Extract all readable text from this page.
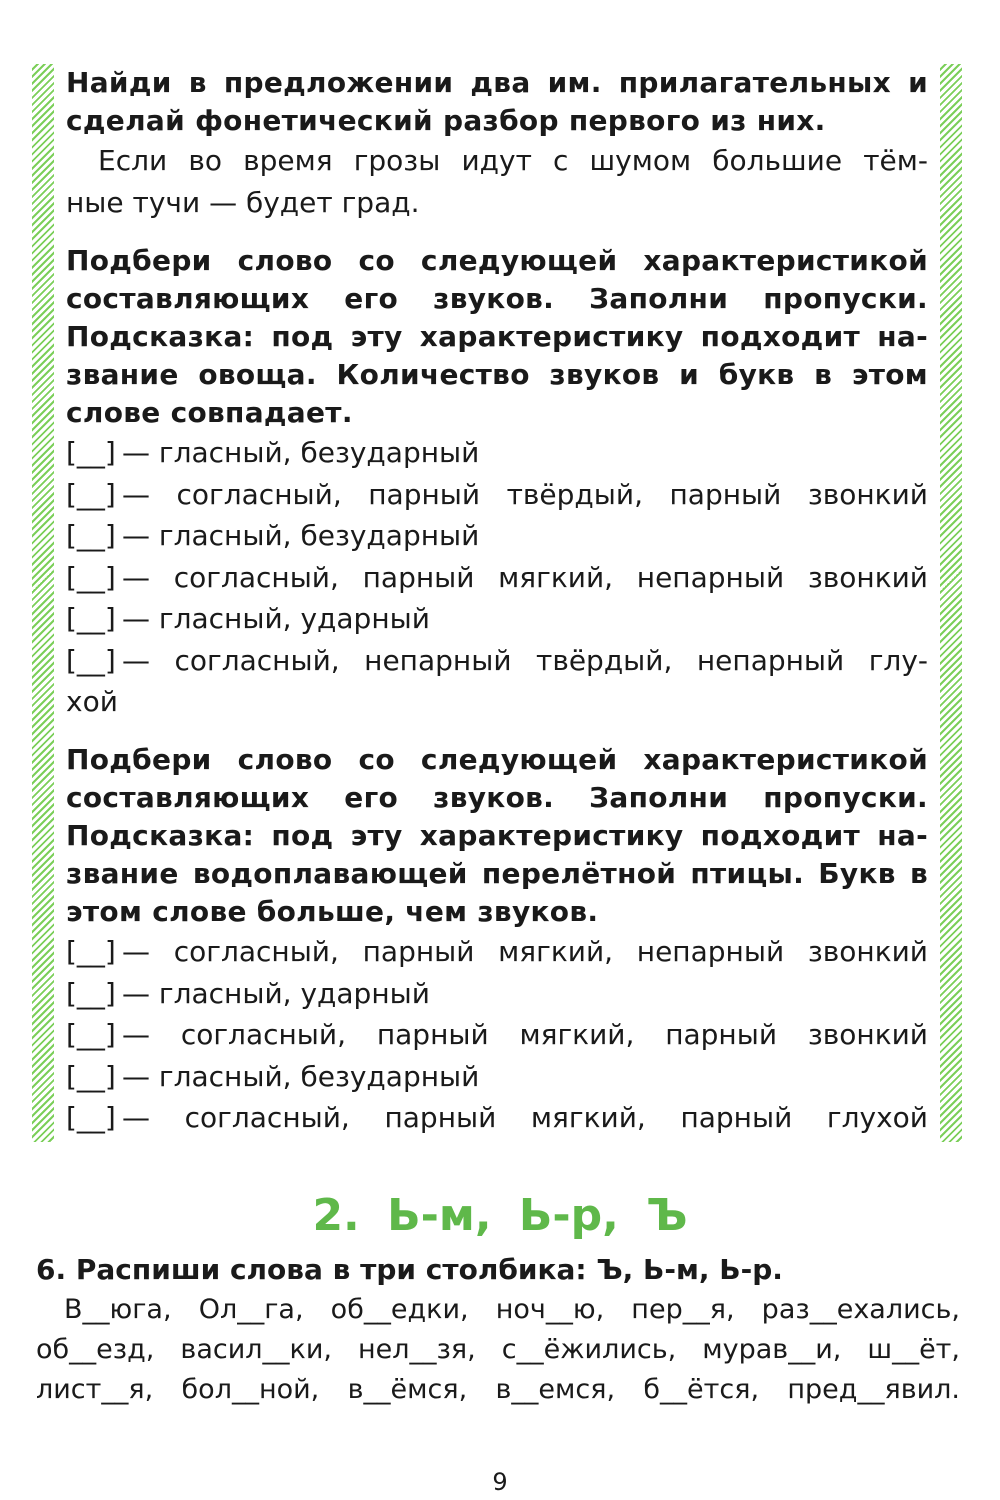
Найди в предложении два им. прилагательных и
сделай фонетический разбор первого из них.
Если во время грозы идут с шумом большие тём-
ные тучи — будет град.
Подбери слово со следующей характеристикой
составляющих его звуков. Заполни пропуски.
Подсказка: под эту характеристику подходит на-
звание овоща. Количество звуков и букв в этом
слове совпадает.
[__] — гласный, безударный
[__] — согласный, парный твёрдый, парный звонкий
[__] — гласный, безударный
[__] — согласный, парный мягкий, непарный звонкий
[__] — гласный, ударный
[__] — согласный, непарный твёрдый, непарный глу-
хой
Подбери слово со следующей характеристикой
составляющих его звуков. Заполни пропуски.
Подсказка: под эту характеристику подходит на-
звание водоплавающей перелётной птицы. Букв в
этом слове больше, чем звуков.
[__] — согласный, парный мягкий, непарный звонкий
[__] — гласный, ударный
[__] — согласный, парный мягкий, парный звонкий
[__] — гласный, безударный
[__] — согласный, парный мягкий, парный глухой
2. Ь-м, Ь-р, Ъ
6. Распиши слова в три столбика: Ъ, Ь-м, Ь-р.
В__юга, Ол__га, об__едки, ноч__ю, пер__я, раз__ехались,
об__езд, васил__ки, нел__зя, с__ёжились, мурав__и, ш__ёт,
лист__я, бол__ной, в__ёмся, в__емся, б__ётся, пред__явил.
9
